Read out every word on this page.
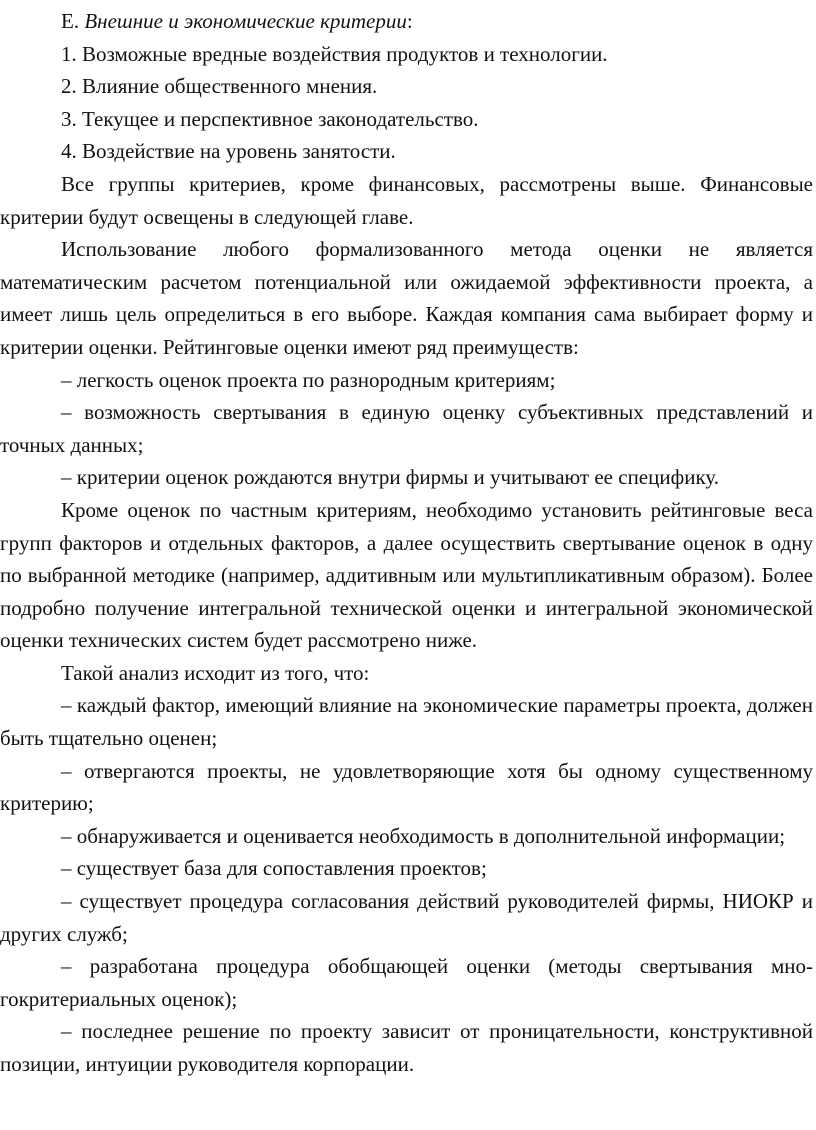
Е. Внешние и экономические критерии:

1. Возможные вредные воздействия продуктов и технологии.

2. Влияние общественного мнения.

3. Текущее и перспективное законодательство.

4. Воздействие на уровень занятости.

Все группы критериев, кроме финансовых, рассмотрены выше. Финансовые критерии будут освещены в следующей главе.

Использование любого формализованного метода оценки не является математическим расчетом потенциальной или ожидаемой эффективности проекта, а имеет лишь цель определиться в его выборе. Каждая компания сама выбирает форму и критерии оценки. Рейтинговые оценки имеют ряд преимуществ:

– легкость оценок проекта по разнородным критериям;

– возможность свертывания в единую оценку субъективных представлений и точных данных;

– критерии оценок рождаются внутри фирмы и учитывают ее специфику.

Кроме оценок по частным критериям, необходимо установить рейтинговые веса групп факторов и отдельных факторов, а далее осуществить свертывание оценок в одну по выбранной методике (например, аддитивным или мультипликативным образом). Более подробно получение интегральной технической оценки и интегральной экономической оценки технических систем будет рассмотрено ниже.

Такой анализ исходит из того, что:

– каждый фактор, имеющий влияние на экономические параметры проекта, должен быть тщательно оценен;

– отвергаются проекты, не удовлетворяющие хотя бы одному существенному критерию;

– обнаруживается и оценивается необходимость в дополнительной информации;

– существует база для сопоставления проектов;

– существует процедура согласования действий руководителей фирмы, НИОКР и других служб;

– разработана процедура обобщающей оценки (методы свертывания многокритериальных оценок);

– последнее решение по проекту зависит от проницательности, конструктивной позиции, интуиции руководителя корпорации.
